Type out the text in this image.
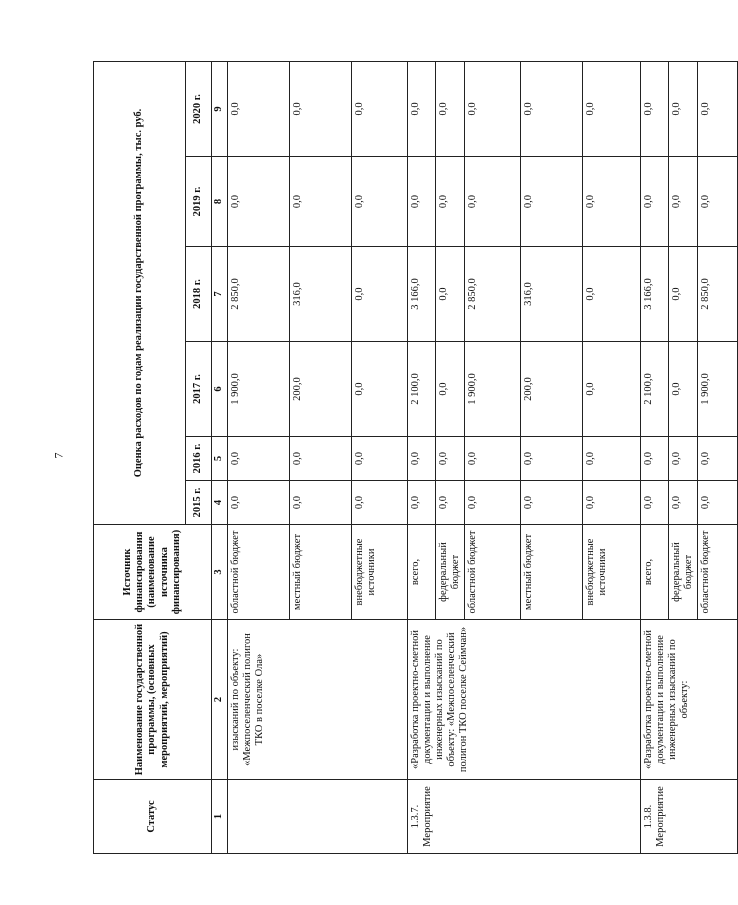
7
Статус	Наименование государственной программы, (основных мероприятий, мероприятий)	Источник финансирования (наименование источника финансирования)	Оценка расходов по годам реализации государственной программы, тыс. руб.					
			2015 г.	2016 г.	2017 г.	2018 г.	2019 г.	2020 г.
1	2	3	4	5	6	7	8	9
	изысканий по объекту: «Межпоселенческий полигон ТКО в поселке Ола»	областной бюджет	0,0	0,0	1 900,0	2 850,0	0,0	0,0
		местный бюджет	0,0	0,0	200,0	316,0	0,0	0,0
		внебюджетные источники	0,0	0,0	0,0	0,0	0,0	0,0
1.3.7. Мероприятие	«Разработка проектно-сметной документации и выполнение инженерных изысканий по объекту: «Межпоселенческий полигон ТКО поселке Сеймчан»	всего,	0,0	0,0	2 100,0	3 166,0	0,0	0,0
		федеральный бюджет	0,0	0,0	0,0	0,0	0,0	0,0
		областной бюджет	0,0	0,0	1 900,0	2 850,0	0,0	0,0
		местный бюджет	0,0	0,0	200,0	316,0	0,0	0,0
		внебюджетные источники	0,0	0,0	0,0	0,0	0,0	0,0
1.3.8. Мероприятие	«Разработка проектно-сметной документации и выполнение инженерных изысканий по объекту:	всего,	0,0	0,0	2 100,0	3 166,0	0,0	0,0
		федеральный бюджет	0,0	0,0	0,0	0,0	0,0	0,0
		областной бюджет	0,0	0,0	1 900,0	2 850,0	0,0	0,0
